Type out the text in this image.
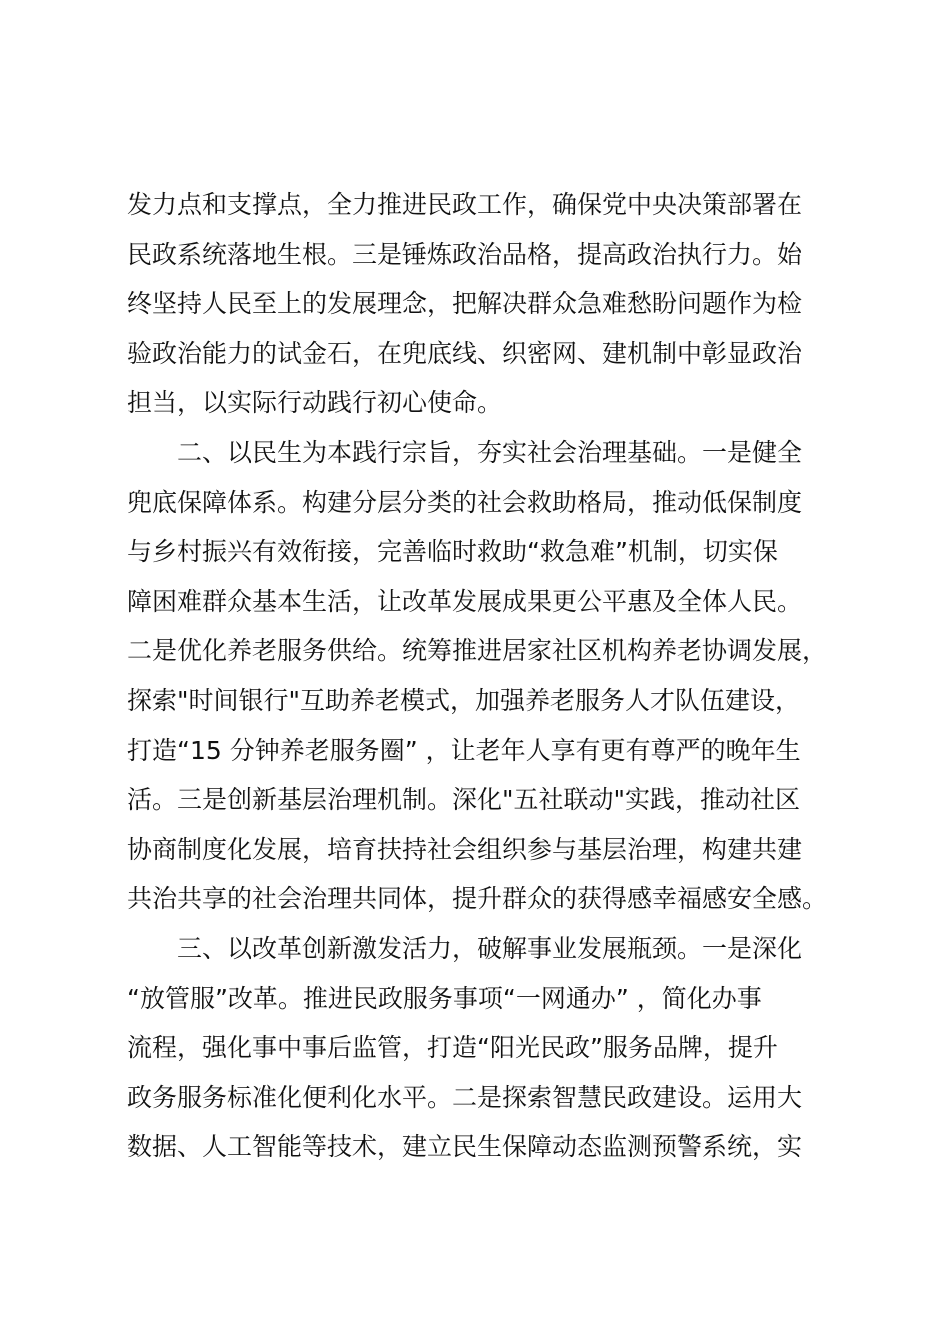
发力点和支撑点，全力推进民政工作，确保党中央决策部署在
民政系统落地生根。三是锤炼政治品格，提高政治执行力。始
终坚持人民至上的发展理念，把解决群众急难愁盼问题作为检
验政治能力的试金石，在兜底线、织密网、建机制中彰显政治
担当，以实际行动践行初心使命。
二、以民生为本践行宗旨，夯实社会治理基础。一是健全
兜底保障体系。构建分层分类的社会救助格局，推动低保制度
与乡村振兴有效衔接，完善临时救助“救急难”机制，切实保
障困难群众基本生活，让改革发展成果更公平惠及全体人民。
二是优化养老服务供给。统筹推进居家社区机构养老协调发展，
探索"时间银行"互助养老模式，加强养老服务人才队伍建设，
打造“15 分钟养老服务圈” ，让老年人享有更有尊严的晚年生
活。三是创新基层治理机制。深化"五社联动"实践，推动社区
协商制度化发展，培育扶持社会组织参与基层治理，构建共建
共治共享的社会治理共同体，提升群众的获得感幸福感安全感。
三、以改革创新激发活力，破解事业发展瓶颈。一是深化
“放管服”改革。推进民政服务事项“一网通办” ，简化办事
流程，强化事中事后监管，打造“阳光民政”服务品牌，提升
政务服务标准化便利化水平。二是探索智慧民政建设。运用大
数据、人工智能等技术，建立民生保障动态监测预警系统，实
